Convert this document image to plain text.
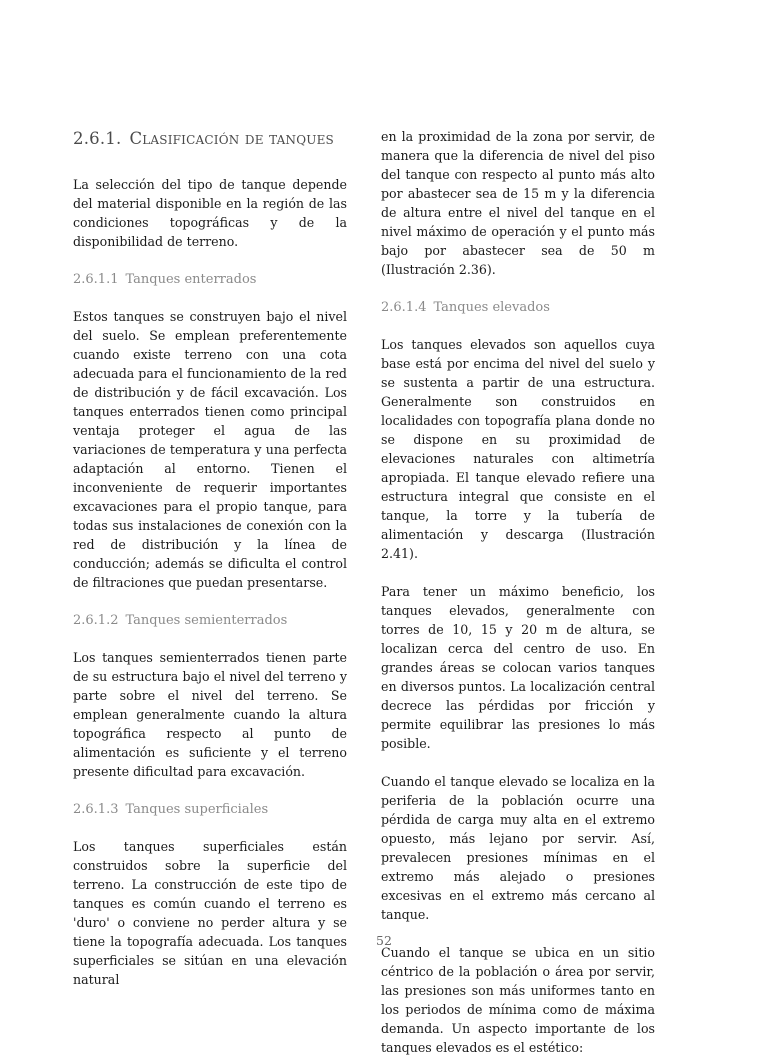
2.6.1. Clasificación de tanques

La selección del tipo de tanque depende del material disponible en la región de las condiciones topográficas y de la disponibilidad de terreno.

2.6.1.1 Tanques enterrados

Estos tanques se construyen bajo el nivel del suelo. Se emplean preferentemente cuando existe terreno con una cota adecuada para el funcionamiento de la red de distribución y de fácil excavación. Los tanques enterrados tienen como principal ventaja proteger el agua de las variaciones de temperatura y una perfecta adaptación al entorno. Tienen el inconveniente de requerir importantes excavaciones para el propio tanque, para todas sus instalaciones de conexión con la red de distribución y la línea de conducción; además se dificulta el control de filtraciones que puedan presentarse.

2.6.1.2 Tanques semienterrados

Los tanques semienterrados tienen parte de su estructura bajo el nivel del terreno y parte sobre el nivel del terreno. Se emplean generalmente cuando la altura topográfica respecto al punto de alimentación es suficiente y el terreno presente dificultad para excavación.

2.6.1.3 Tanques superficiales

Los tanques superficiales están construidos sobre la superficie del terreno. La construcción de este tipo de tanques es común cuando el terreno es 'duro' o conviene no perder altura y se tiene la topografía adecuada. Los tanques superficiales se sitúan en una elevación natural

en la proximidad de la zona por servir, de manera que la diferencia de nivel del piso del tanque con respecto al punto más alto por abastecer sea de 15 m y la diferencia de altura entre el nivel del tanque en el nivel máximo de operación y el punto más bajo por abastecer sea de 50 m (Ilustración 2.36).

2.6.1.4 Tanques elevados

Los tanques elevados son aquellos cuya base está por encima del nivel del suelo y se sustenta a partir de una estructura. Generalmente son construidos en localidades con topografía plana donde no se dispone en su proximidad de elevaciones naturales con altimetría apropiada. El tanque elevado refiere una estructura integral que consiste en el tanque, la torre y la tubería de alimentación y descarga (Ilustración 2.41).

Para tener un máximo beneficio, los tanques elevados, generalmente con torres de 10, 15 y 20 m de altura, se localizan cerca del centro de uso. En grandes áreas se colocan varios tanques en diversos puntos. La localización central decrece las pérdidas por fricción y permite equilibrar las presiones lo más posible.

Cuando el tanque elevado se localiza en la periferia de la población ocurre una pérdida de carga muy alta en el extremo opuesto, más lejano por servir. Así, prevalecen presiones mínimas en el extremo más alejado o presiones excesivas en el extremo más cercano al tanque.

Cuando el tanque se ubica en un sitio céntrico de la población o área por servir, las presiones son más uniformes tanto en los periodos de mínima como de máxima demanda. Un aspecto importante de los tanques elevados es el estético:

52
